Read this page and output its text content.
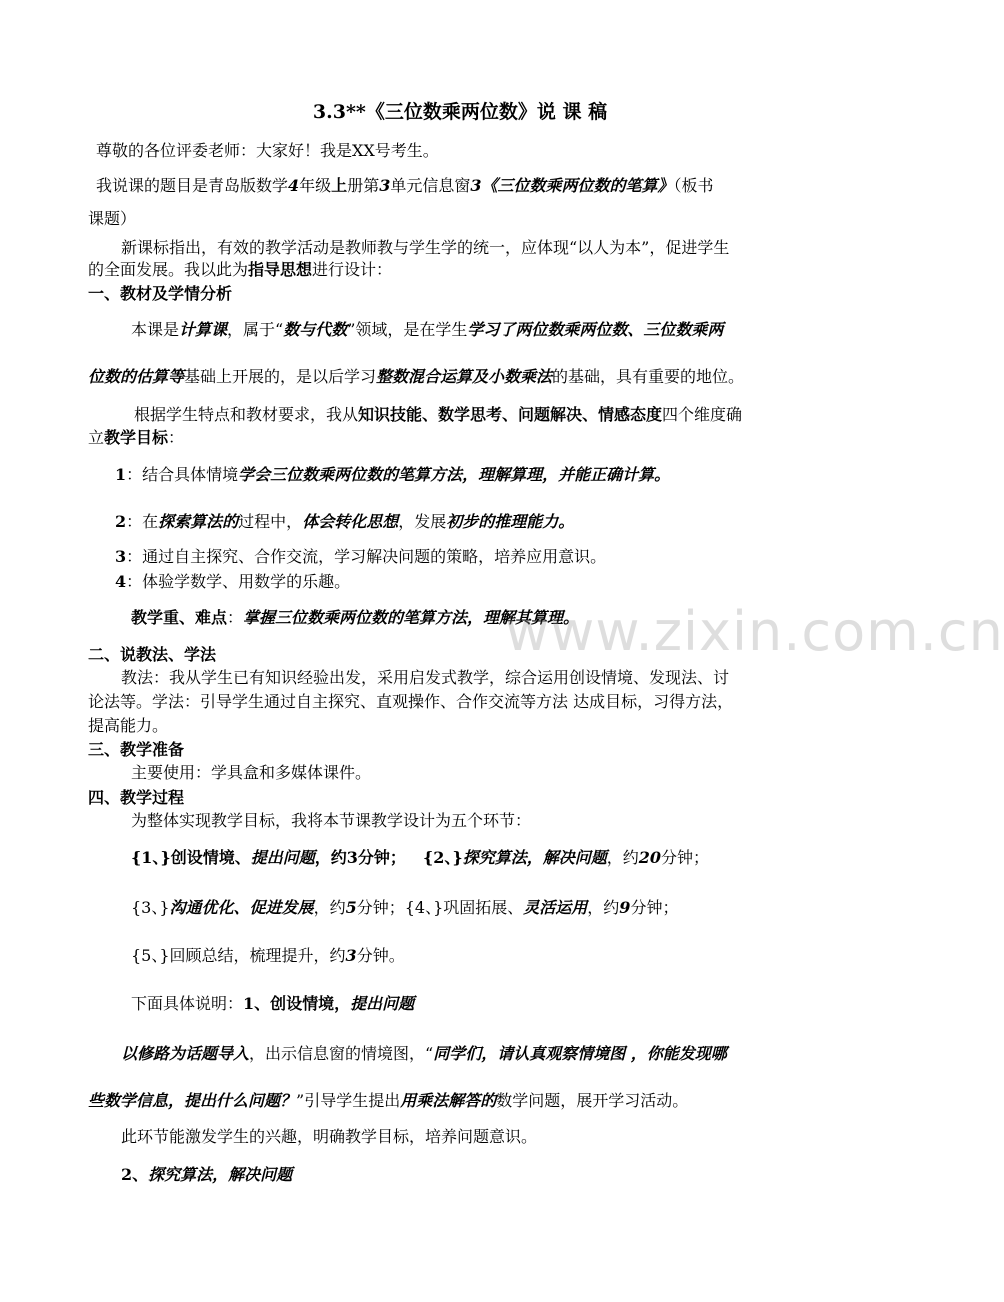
3.3**《三位数乘两位数》说 课 稿
尊敬的各位评委老师：大家好！我是XX号考生。
我说课的题目是青岛版数学4年级上册第3单元信息窗3《三位数乘两位数的笔算》（板书
课题）
新课标指出，有效的教学活动是教师教与学生学的统一，应体现“以人为本”，促进学生
的全面发展。我以此为指导思想进行设计：
一、教材及学情分析
本课是计算课，属于“数与代数”领域，是在学生学习了两位数乘两位数、三位数乘两
位数的估算等基础上开展的，是以后学习整数混合运算及小数乘法的基础，具有重要的地位。
根据学生特点和教材要求，我从知识技能、数学思考、问题解决、情感态度四个维度确
立教学目标：
1：结合具体情境学会三位数乘两位数的笔算方法，理解算理，并能正确计算。
2：在探索算法的过程中，体会转化思想，发展初步的推理能力。
3：通过自主探究、合作交流，学习解决问题的策略，培养应用意识。
4：体验学数学、用数学的乐趣。
教学重、难点：掌握三位数乘两位数的笔算方法，理解其算理。
二、说教法、学法
教法：我从学生已有知识经验出发，采用启发式教学，综合运用创设情境、发现法、讨
论法等。学法：引导学生通过自主探究、直观操作、合作交流等方法 达成目标，习得方法，
提高能力。
三、教学准备
主要使用：学具盒和多媒体课件。
四、教学过程
为整体实现教学目标，我将本节课教学设计为五个环节：
{1、}创设情境、提出问题，约3分钟； {2、}探究算法，解决问题，约20分钟；
{3、}沟通优化、促进发展，约5分钟；{4、}巩固拓展、灵活运用，约9分钟；
{5、}回顾总结，梳理提升，约3分钟。
下面具体说明：1、创设情境，提出问题
以修路为话题导入，出示信息窗的情境图，“同学们，请认真观察情境图 ，你能发现哪
些数学信息，提出什么问题？”引导学生提出用乘法解答的数学问题，展开学习活动。
此环节能激发学生的兴趣，明确教学目标，培养问题意识。
2、探究算法，解决问题
www.zixin.com.cn
